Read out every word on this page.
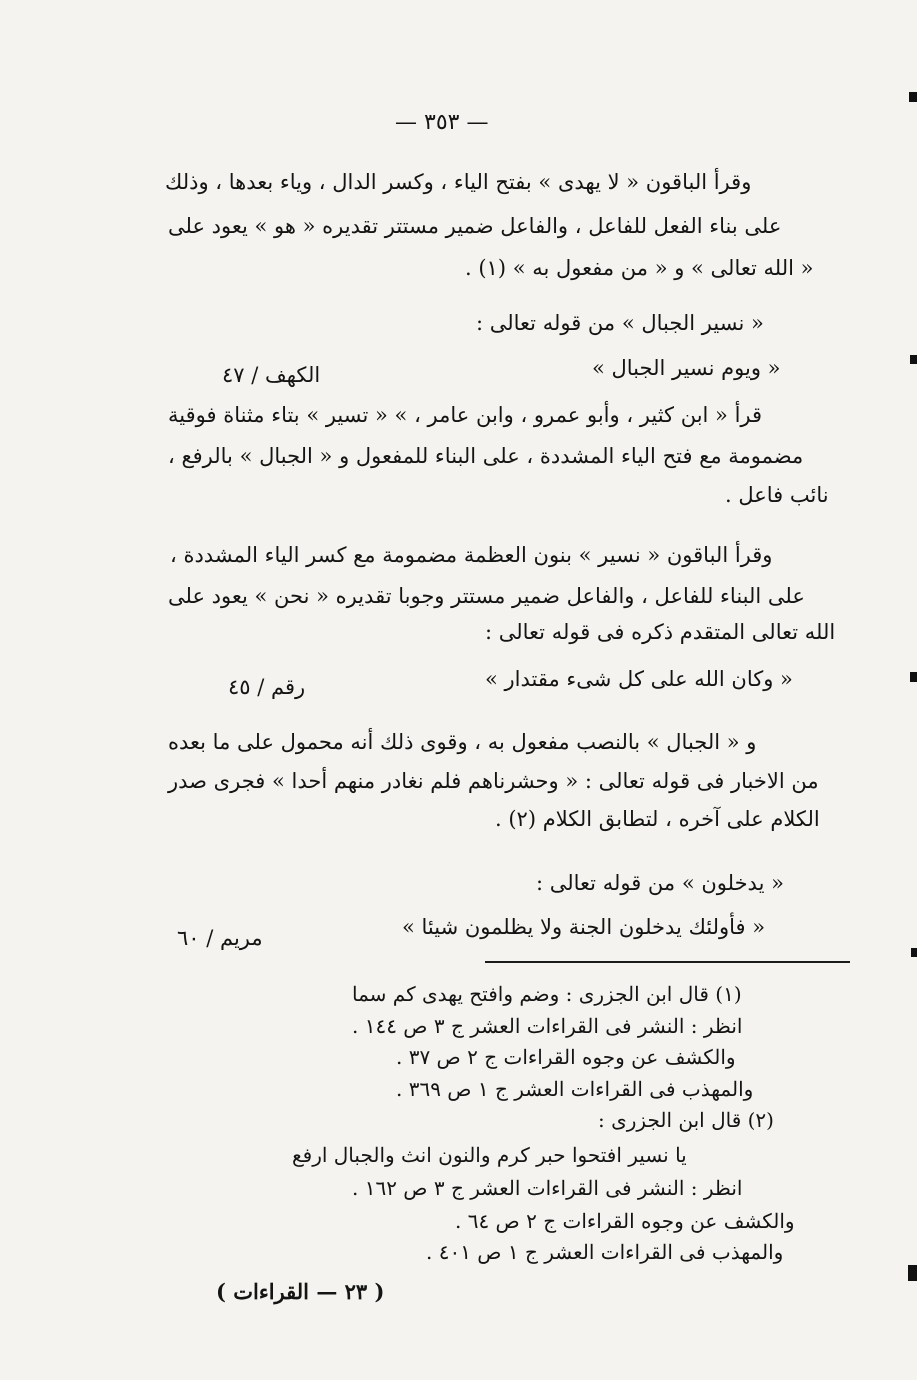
— ٣٥٣ —
وقرأ الباقون « لا يهدى » بفتح الياء ، وكسر الدال ، وياء بعدها ، وذلك
على بناء الفعل للفاعل ، والفاعل ضمير مستتر تقديره « هو » يعود على
« الله تعالى » و « من مفعول به » (١) .
« نسير الجبال » من قوله تعالى :
« ويوم نسير الجبال »
الكهف / ٤٧
قرأ « ابن كثير ، وأبو عمرو ، وابن عامر ، » « تسير » بتاء مثناة فوقية
مضمومة مع فتح الياء المشددة ، على البناء للمفعول و « الجبال » بالرفع ،
نائب فاعل .
وقرأ الباقون « نسير » بنون العظمة مضمومة مع كسر الياء المشددة ،
على البناء للفاعل ، والفاعل ضمير مستتر وجوبا تقديره « نحن » يعود على
الله تعالى المتقدم ذكره فى قوله تعالى :
« وكان الله على كل شىء مقتدار »
رقم / ٤٥
و « الجبال » بالنصب مفعول به ، وقوى ذلك أنه محمول على ما بعده
من الاخبار فى قوله تعالى : « وحشرناهم فلم نغادر منهم أحدا » فجرى صدر
الكلام على آخره ، لتطابق الكلام (٢) .
« يدخلون » من قوله تعالى :
« فأولئك يدخلون الجنة ولا يظلمون شيئا »
مريم / ٦٠
(١) قال ابن الجزرى : وضم وافتح يهدى كم سما
انظر : النشر فى القراءات العشر ج ٣ ص ١٤٤ .
والكشف عن وجوه القراءات ج ٢ ص ٣٧ .
والمهذب فى القراءات العشر ج ١ ص ٣٦٩ .
(٢) قال ابن الجزرى :
يا نسير افتحوا حبر كرم والنون انث والجبال ارفع
انظر : النشر فى القراءات العشر ج ٣ ص ١٦٢ .
والكشف عن وجوه القراءات ج ٢ ص ٦٤ .
والمهذب فى القراءات العشر ج ١ ص ٤٠١ .
( ٢٣ — القراءات )
